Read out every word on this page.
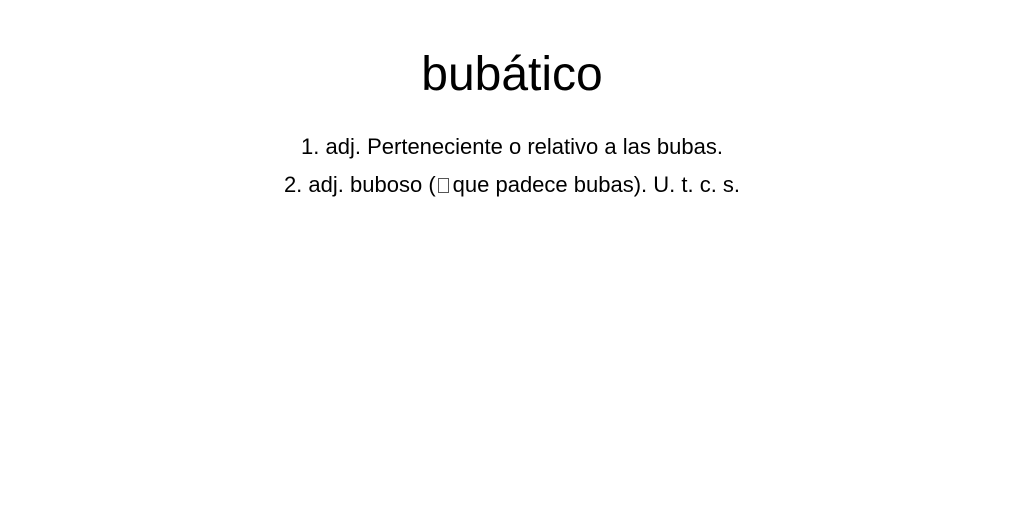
bubático
1. adj. Perteneciente o relativo a las bubas.
2. adj. buboso ( que padece bubas). U. t. c. s.
